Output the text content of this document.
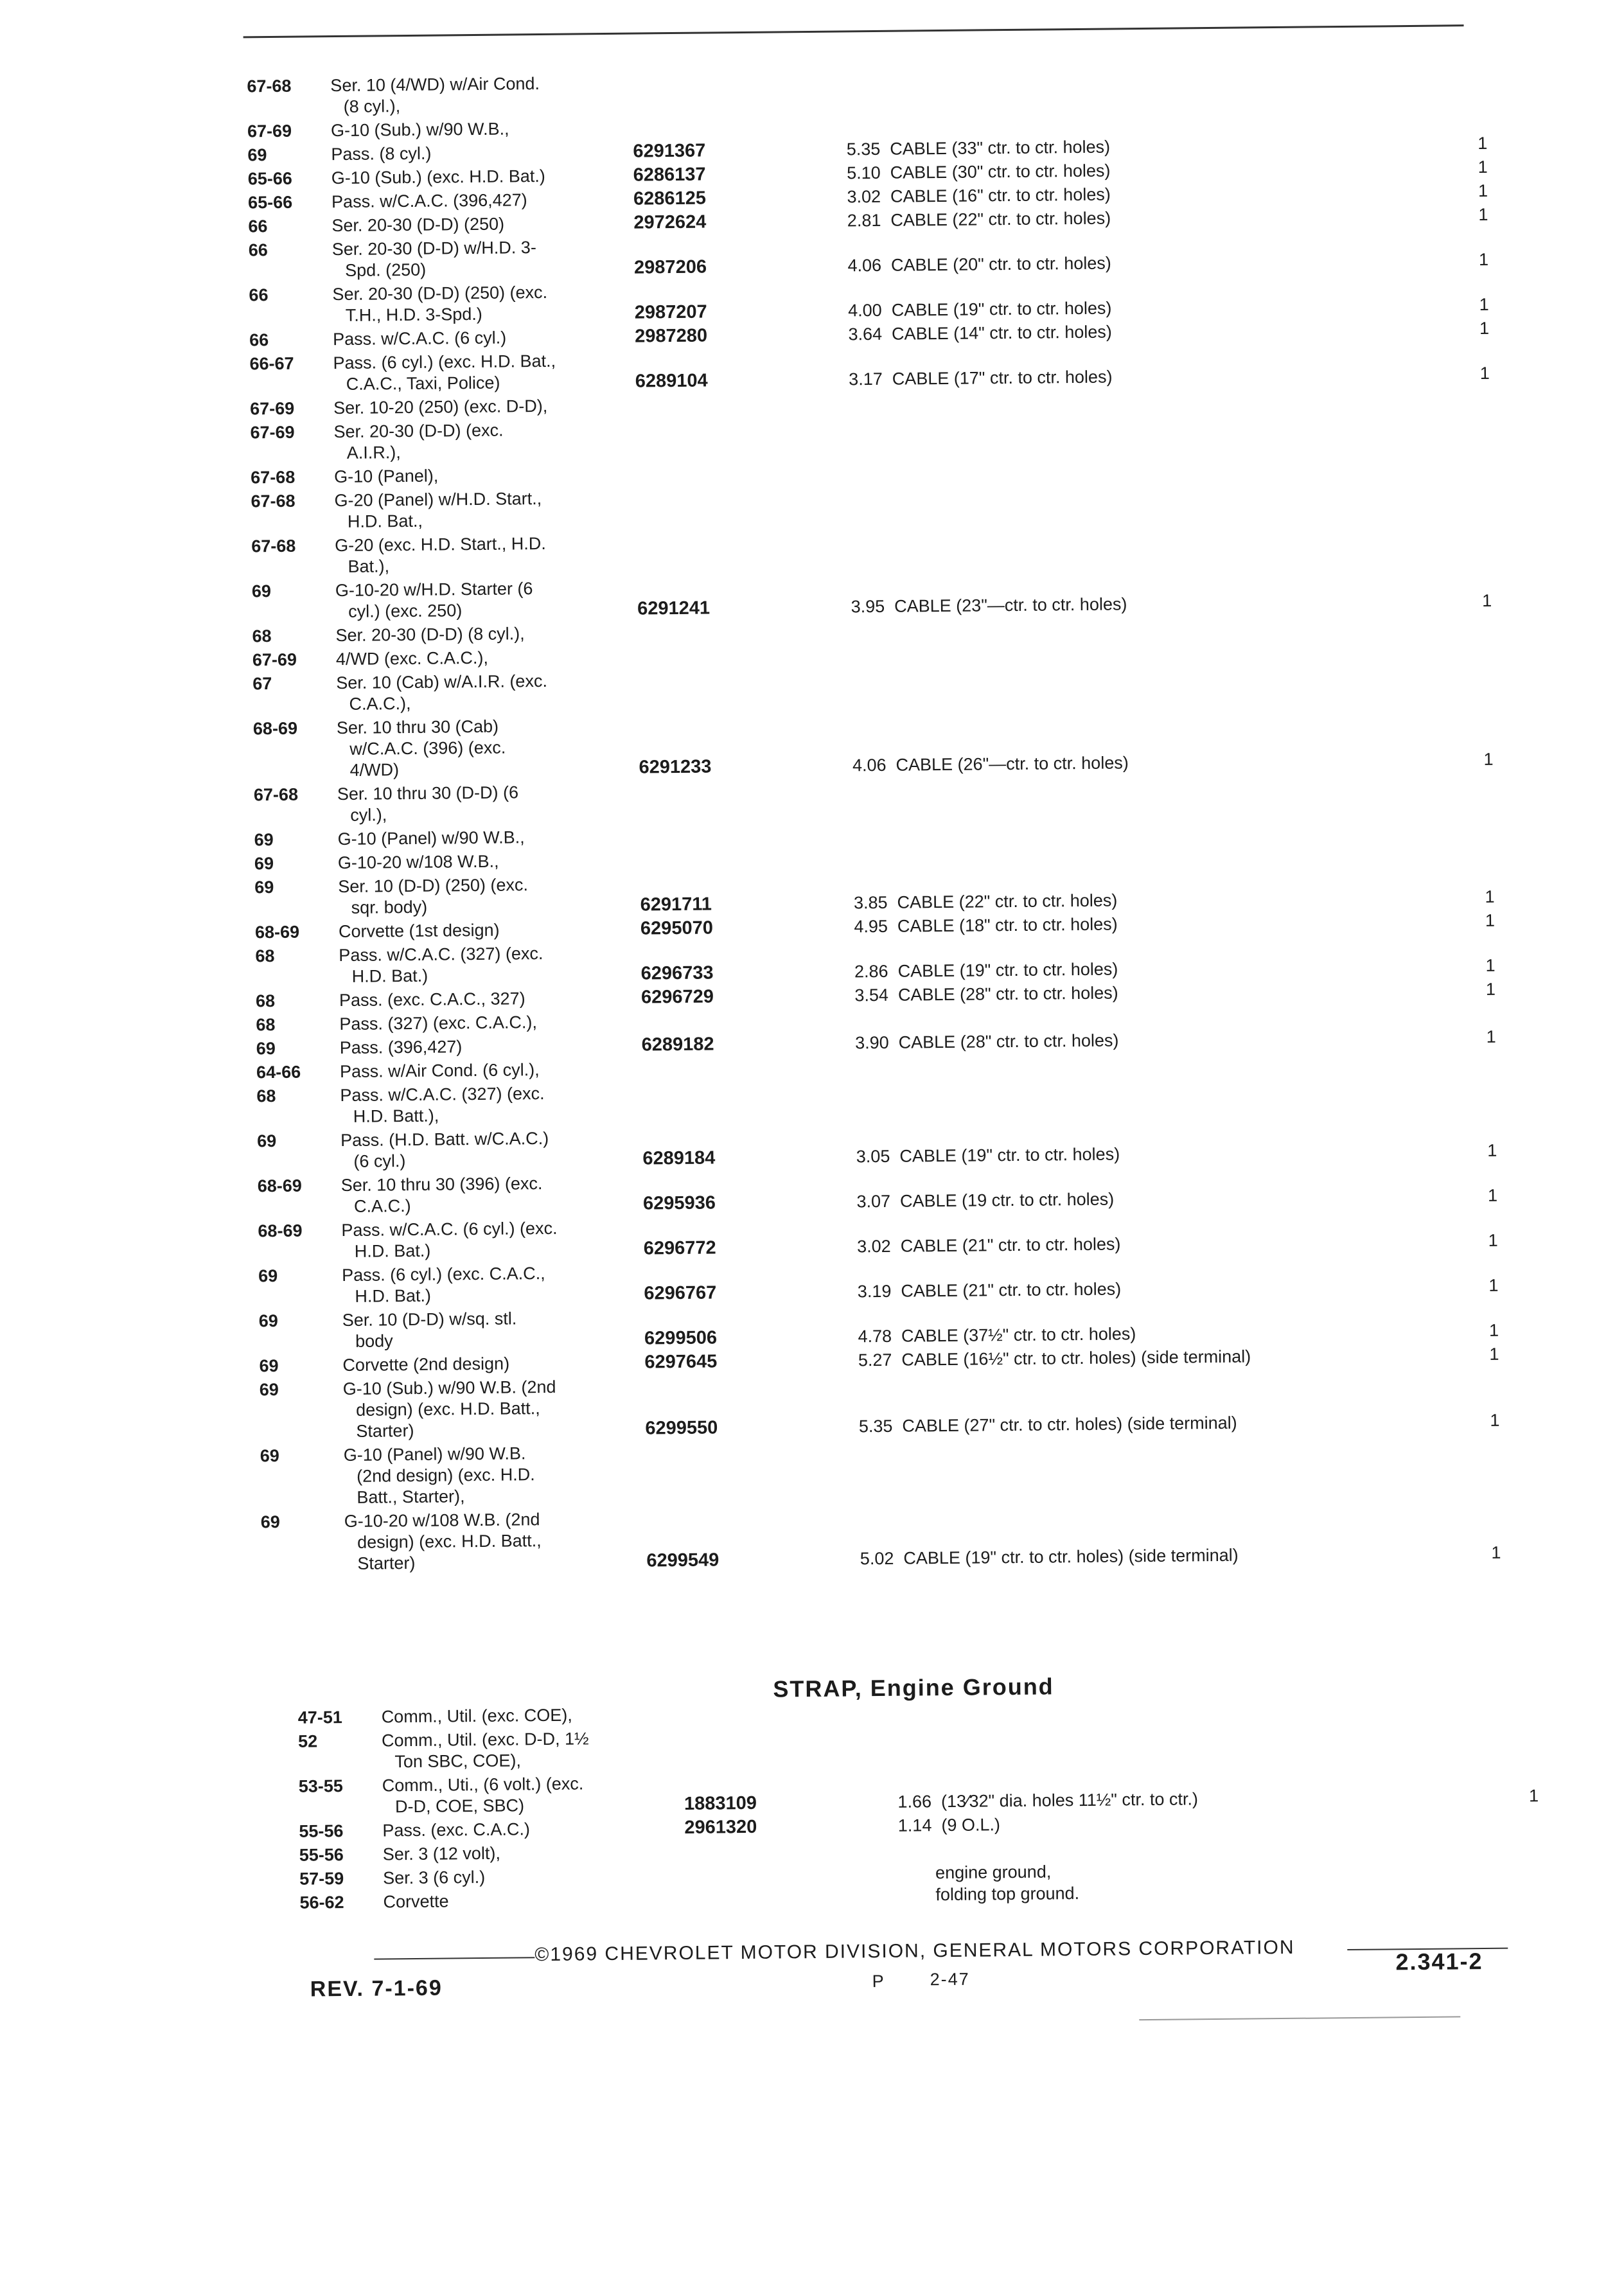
67-68	Ser. 10 (4/WD) w/Air Cond.
(8 cyl.),
67-69	G-10 (Sub.) w/90 W.B.,
69	Pass. (8 cyl.)	6291367	5.35 CABLE (33" ctr. to ctr. holes)	1
65-66	G-10 (Sub.) (exc. H.D. Bat.)	6286137	5.10 CABLE (30" ctr. to ctr. holes)	1
65-66	Pass. w/C.A.C. (396,427)	6286125	3.02 CABLE (16" ctr. to ctr. holes)	1
66	Ser. 20-30 (D-D) (250)	2972624	2.81 CABLE (22" ctr. to ctr. holes)	1
66	Ser. 20-30 (D-D) w/H.D. 3-
Spd. (250)	2987206	4.06 CABLE (20" ctr. to ctr. holes)	1
66	Ser. 20-30 (D-D) (250) (exc.
T.H., H.D. 3-Spd.)	2987207	4.00 CABLE (19" ctr. to ctr. holes)	1
66	Pass. w/C.A.C. (6 cyl.)	2987280	3.64 CABLE (14" ctr. to ctr. holes)	1
66-67	Pass. (6 cyl.) (exc. H.D. Bat.,
C.A.C., Taxi, Police)	6289104	3.17 CABLE (17" ctr. to ctr. holes)	1
67-69	Ser. 10-20 (250) (exc. D-D),
67-69	Ser. 20-30 (D-D) (exc.
A.I.R.),
67-68	G-10 (Panel),
67-68	G-20 (Panel) w/H.D. Start.,
H.D. Bat.,
67-68	G-20 (exc. H.D. Start., H.D.
Bat.),
69	G-10-20 w/H.D. Starter (6
cyl.) (exc. 250)	6291241	3.95 CABLE (23"—ctr. to ctr. holes)	1
68	Ser. 20-30 (D-D) (8 cyl.),
67-69	4/WD (exc. C.A.C.),
67	Ser. 10 (Cab) w/A.I.R. (exc.
C.A.C.),
68-69	Ser. 10 thru 30 (Cab)
w/C.A.C. (396) (exc.
4/WD)	6291233	4.06 CABLE (26"—ctr. to ctr. holes)	1
67-68	Ser. 10 thru 30 (D-D) (6
cyl.),
69	G-10 (Panel) w/90 W.B.,
69	G-10-20 w/108 W.B.,
69	Ser. 10 (D-D) (250) (exc.
sqr. body)	6291711	3.85 CABLE (22" ctr. to ctr. holes)	1
68-69	Corvette (1st design)	6295070	4.95 CABLE (18" ctr. to ctr. holes)	1
68	Pass. w/C.A.C. (327) (exc.
H.D. Bat.)	6296733	2.86 CABLE (19" ctr. to ctr. holes)	1
68	Pass. (exc. C.A.C., 327)	6296729	3.54 CABLE (28" ctr. to ctr. holes)	1
68	Pass. (327) (exc. C.A.C.),
69	Pass. (396,427)	6289182	3.90 CABLE (28" ctr. to ctr. holes)	1
64-66	Pass. w/Air Cond. (6 cyl.),
68	Pass. w/C.A.C. (327) (exc.
H.D. Batt.),
69	Pass. (H.D. Batt. w/C.A.C.)
(6 cyl.)	6289184	3.05 CABLE (19" ctr. to ctr. holes)	1
68-69	Ser. 10 thru 30 (396) (exc.
C.A.C.)	6295936	3.07 CABLE (19 ctr. to ctr. holes)	1
68-69	Pass. w/C.A.C. (6 cyl.) (exc.
H.D. Bat.)	6296772	3.02 CABLE (21" ctr. to ctr. holes)	1
69	Pass. (6 cyl.) (exc. C.A.C.,
H.D. Bat.)	6296767	3.19 CABLE (21" ctr. to ctr. holes)	1
69	Ser. 10 (D-D) w/sq. stl.
body	6299506	4.78 CABLE (37½" ctr. to ctr. holes)	1
69	Corvette (2nd design)	6297645	5.27 CABLE (16½" ctr. to ctr. holes) (side terminal)	1
69	G-10 (Sub.) w/90 W.B. (2nd
design) (exc. H.D. Batt.,
Starter)	6299550	5.35 CABLE (27" ctr. to ctr. holes) (side terminal)	1
69	G-10 (Panel) w/90 W.B.
(2nd design) (exc. H.D.
Batt., Starter),
69	G-10-20 w/108 W.B. (2nd
design) (exc. H.D. Batt.,
Starter)	6299549	5.02 CABLE (19" ctr. to ctr. holes) (side terminal)	1
STRAP, Engine Ground
47-51	Comm., Util. (exc. COE),
52	Comm., Util. (exc. D-D, 1½
Ton SBC, COE),
53-55	Comm., Uti., (6 volt.) (exc.
D-D, COE, SBC)	1883109	1.66 (13⁄32" dia. holes 11½" ctr. to ctr.)	1
55-56	Pass. (exc. C.A.C.)	2961320	1.14 (9 O.L.)
55-56	Ser. 3 (12 volt),
57-59	Ser. 3 (6 cyl.)
56-62	Corvette
engine ground,
folding top ground.
©1969 CHEVROLET MOTOR DIVISION, GENERAL MOTORS CORPORATION
REV. 7-1-69	P	2-47
2.341-2
